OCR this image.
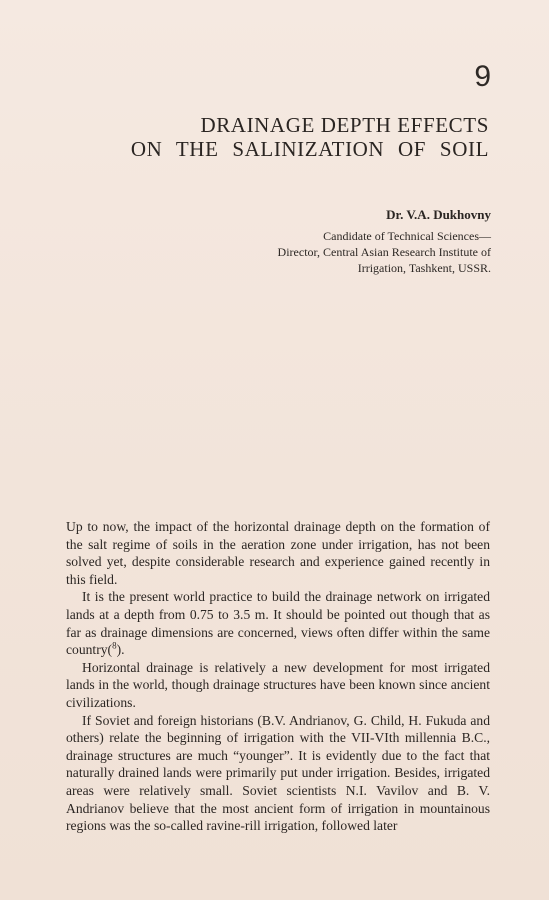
9
DRAINAGE DEPTH EFFECTS
ON THE SALINIZATION OF SOIL
Dr. V.A. Dukhovny
Candidate of Technical Sciences—
Director, Central Asian Research Institute of
Irrigation, Tashkent, USSR.

Up to now, the impact of the horizontal drainage depth on the formation of the salt regime of soils in the aeration zone under irrigation, has not been solved yet, despite considerable research and experience gained recently in this field.

It is the present world practice to build the drainage network on irrigated lands at a depth from 0.75 to 3.5 m. It should be pointed out though that as far as drainage dimensions are concerned, views often differ within the same country($^8$).

Horizontal drainage is relatively a new development for most irrigated lands in the world, though drainage structures have been known since ancient civilizations.

If Soviet and foreign historians (B.V. Andrianov, G. Child, H. Fukuda and others) relate the beginning of irrigation with the VII-VIth millennia B.C., drainage structures are much “younger”. It is evidently due to the fact that naturally drained lands were primarily put under irrigation. Besides, irrigated areas were relatively small. Soviet scientists N.I. Vavilov and B. V. Andrianov believe that the most ancient form of irrigation in mountainous regions was the so-called ravine-rill irrigation, followed later
